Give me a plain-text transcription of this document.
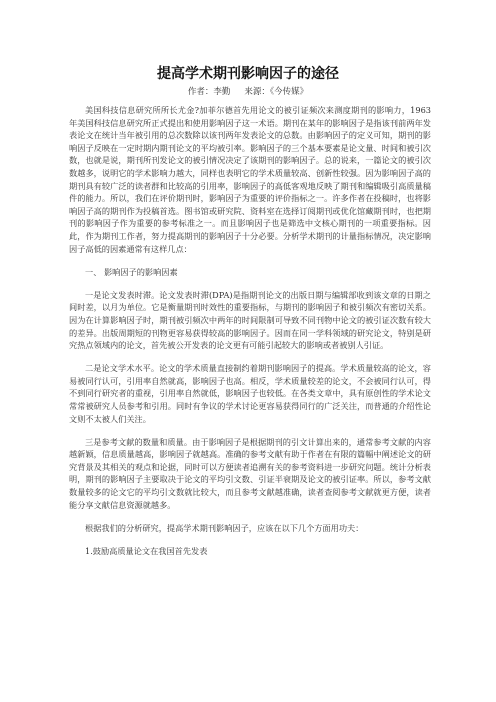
提高学术期刊影响因子的途径
作者：李勤 来源：《今传媒》

美国科技信息研究所所长尤金?加菲尔德首先用论文的被引证频次来测度期刊的影响力，1963 年美国科技信息研究所正式提出和使用影响因子这一术语。期刊在某年的影响因子是指该刊前两年发表论文在统计当年被引用的总次数除以该刊两年发表论文的总数。由影响因子的定义可知，期刊的影响因子反映在一定时期内期刊论文的平均被引率。影响因子的三个基本要素是论文量、时间和被引次数，也就是说，期刊所刊发论文的被引情况决定了该期刊的影响因子。总的说来，一篇论文的被引次数越多，说明它的学术影响力越大，同样也表明它的学术质量较高、创新性较强。因为影响因子高的期刊具有较广泛的读者群和比较高的引用率，影响因子的高低客观地反映了期刊和编辑吸引高质量稿件的能力。所以，我们在评价期刊时，影响因子为重要的评价指标之一。许多作者在投稿时，也将影响因子高的期刊作为投稿首选。图书馆或研究院、资料室在选择订阅期刊或优化馆藏期刊时，也把期刊的影响因子作为重要的参考标准之一。而且影响因子也是筛选中文核心期刊的一项重要指标。因此，作为期刊工作者，努力提高期刊的影响因子十分必要。分析学术期刊的计量指标情况，决定影响因子高低的因素通常有这样几点：

一、 影响因子的影响因素

一是论文发表时滞。论文发表时滞(DPA)是指期刊论文的出版日期与编辑部收到该文章的日期之间时差，以月为单位。它是衡量期刊时效性的重要指标，与期刊的影响因子和被引频次有密切关系。因为在计算影响因子时，期刊被引频次中两年的时间限制可导致不同刊物中论文的被引证次数有较大的差异。出版周期短的刊物更容易获得较高的影响因子。因而在同一学科领域的研究论文，特别是研究热点领域内的论文，首先被公开发表的论文更有可能引起较大的影响或者被别人引证。

二是论文学术水平。论文的学术质量直接制约着期刊影响因子的提高。学术质量较高的论文，容易被同行认可，引用率自然就高，影响因子也高。相反，学术质量较差的论文，不会被同行认可，得不到同行研究者的重视，引用率自然就低，影响因子也较低。在各类文章中，具有原创性的学术论文常常被研究人员参考和引用。同时有争议的学术讨论更容易获得同行的广泛关注，而普通的介绍性论文则不太被人们关注。

三是参考文献的数量和质量。由于影响因子是根据期刊的引文计算出来的，通常参考文献的内容越新颖，信息质量越高，影响因子就越高。准确的参考文献有助于作者在有限的篇幅中阐述论文的研究背景及其相关的观点和论据，同时可以方便读者追溯有关的参考资料进一步研究问题。统计分析表明，期刊的影响因子主要取决于论文的平均引文数、引证半衰期及论文的被引证率。所以，参考文献数量较多的论文它的平均引文数就比较大，而且参考文献越准确，读者查阅参考文献就更方便，读者能分享文献信息资源就越多。

根据我们的分析研究，提高学术期刊影响因子，应该在以下几个方面用功夫：

1.鼓励高质量论文在我国首先发表
